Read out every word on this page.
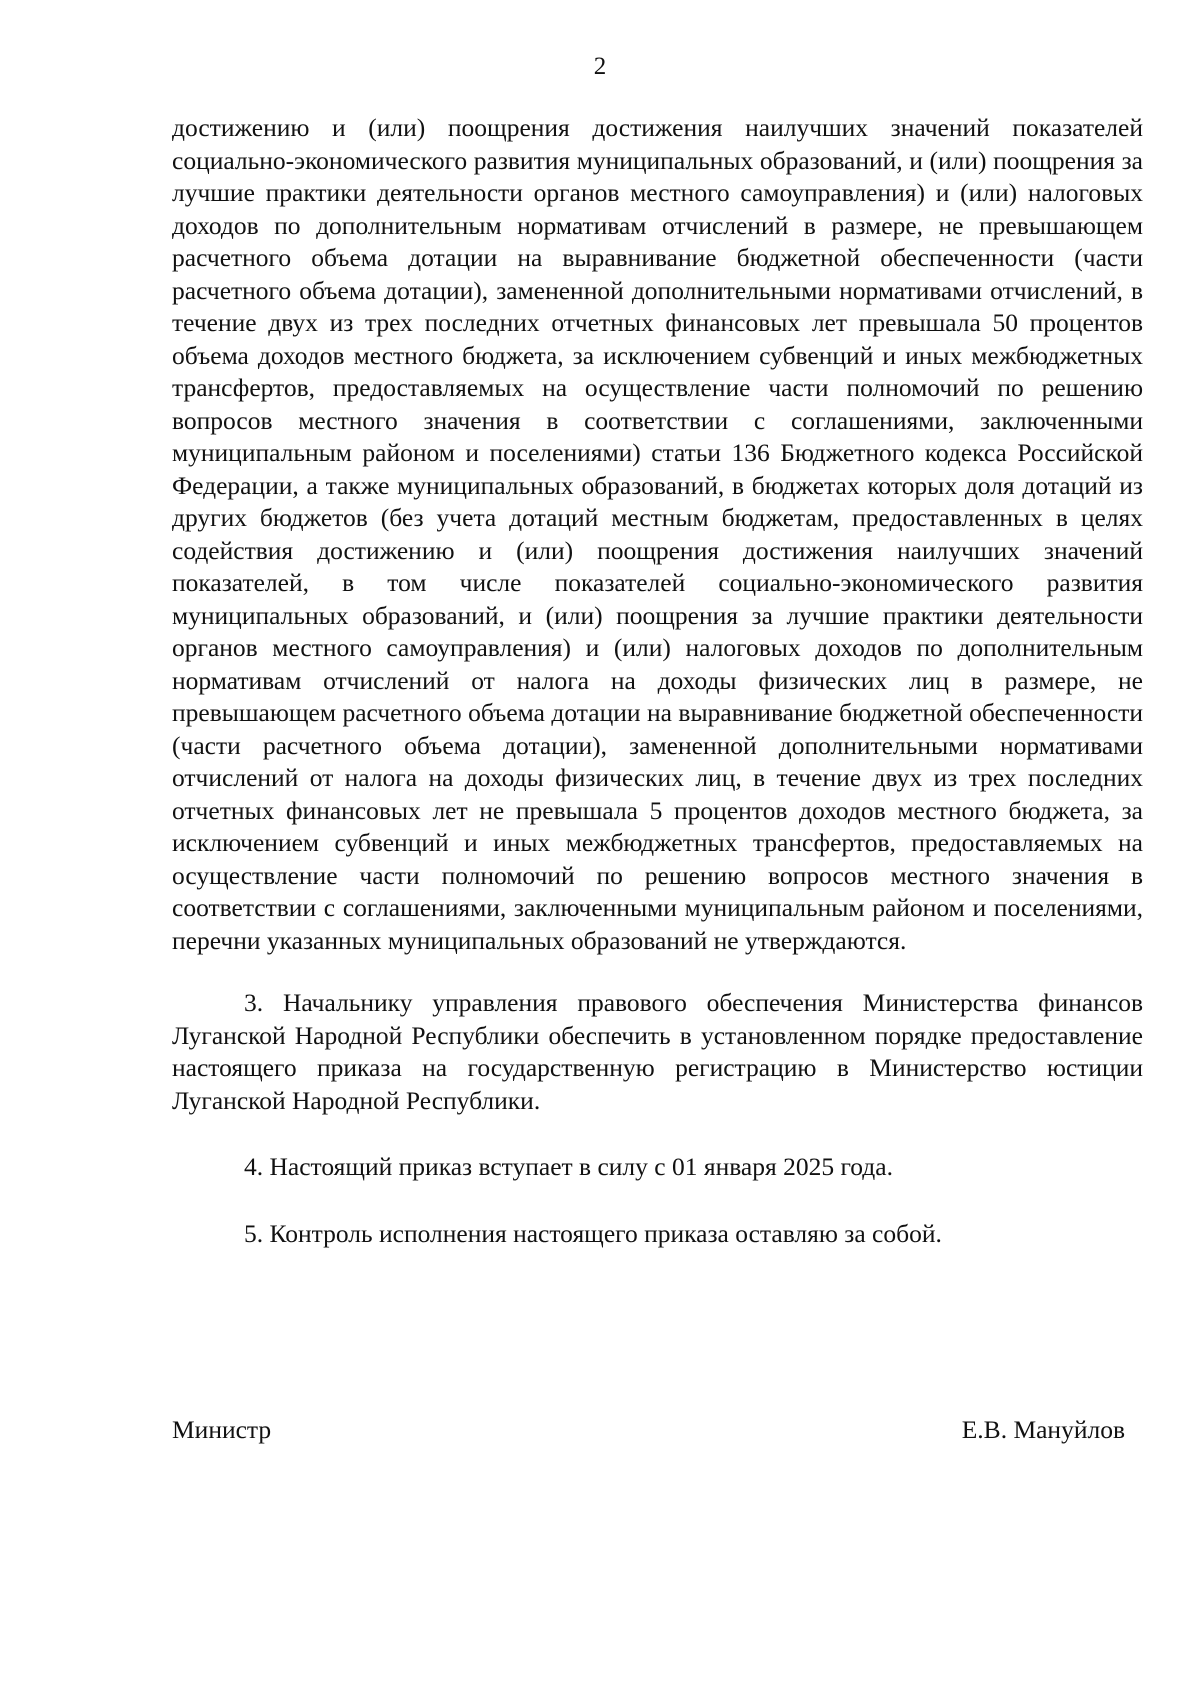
2

достижению и (или) поощрения достижения наилучших значений показателей социально-экономического развития муниципальных образований, и (или) поощрения за лучшие практики деятельности органов местного самоуправления) и (или) налоговых доходов по дополнительным нормативам отчислений в размере, не превышающем расчетного объема дотации на выравнивание бюджетной обеспеченности (части расчетного объема дотации), замененной дополнительными нормативами отчислений, в течение двух из трех последних отчетных финансовых лет превышала 50 процентов объема доходов местного бюджета, за исключением субвенций и иных межбюджетных трансфертов, предоставляемых на осуществление части полномочий по решению вопросов местного значения в соответствии с соглашениями, заключенными муниципальным районом и поселениями) статьи 136 Бюджетного кодекса Российской Федерации, а также муниципальных образований, в бюджетах которых доля дотаций из других бюджетов (без учета дотаций местным бюджетам, предоставленных в целях содействия достижению и (или) поощрения достижения наилучших значений показателей, в том числе показателей социально-экономического развития муниципальных образований, и (или) поощрения за лучшие практики деятельности органов местного самоуправления) и (или) налоговых доходов по дополнительным нормативам отчислений от налога на доходы физических лиц в размере, не превышающем расчетного объема дотации на выравнивание бюджетной обеспеченности (части расчетного объема дотации), замененной дополнительными нормативами отчислений от налога на доходы физических лиц, в течение двух из трех последних отчетных финансовых лет не превышала 5 процентов доходов местного бюджета, за исключением субвенций и иных межбюджетных трансфертов, предоставляемых на осуществление части полномочий по решению вопросов местного значения в соответствии с соглашениями, заключенными муниципальным районом и поселениями, перечни указанных муниципальных образований не утверждаются.

3. Начальнику управления правового обеспечения Министерства финансов Луганской Народной Республики обеспечить в установленном порядке предоставление настоящего приказа на государственную регистрацию в Министерство юстиции Луганской Народной Республики.

4. Настоящий приказ вступает в силу с 01 января 2025 года.

5. Контроль исполнения настоящего приказа оставляю за собой.

Министр	Е.В. Мануйлов
